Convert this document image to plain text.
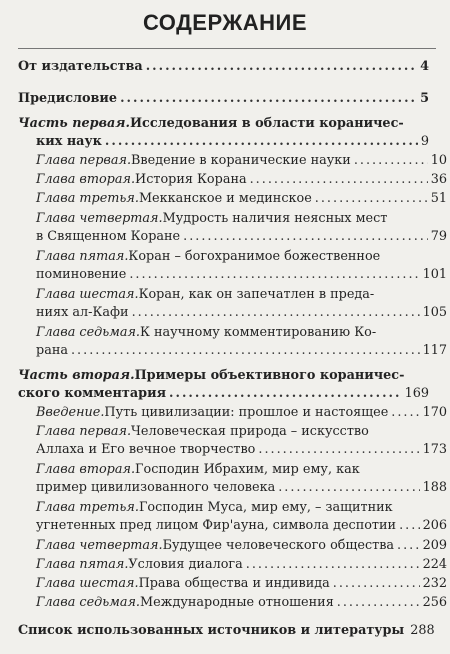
СОДЕРЖАНИЕ
От издательства .....	4
Предисловие .....	5
Часть первая. Исследования в области кораничес-
ких наук .....	9
Глава первая. Введение в коранические науки .....	10
Глава вторая. История Корана .....	36
Глава третья. Мекканское и мединское .....	51
Глава четвертая. Мудрость наличия неясных мест
в Священном Коране .....	79
Глава пятая. Коран – богохранимое божественное
поминовение .....	101
Глава шестая. Коран, как он запечатлен в преда-
ниях ал-Кафи .....	105
Глава седьмая. К научному комментированию Ко-
рана .....	117
Часть вторая. Примеры объективного кораничес-
ского комментария .....	169
Введение. Путь цивилизации: прошлое и настоящее .....	170
Глава первая. Человеческая природа – искусство
Аллаха и Его вечное творчество .....	173
Глава вторая. Господин Ибрахим, мир ему, как
пример цивилизованного человека .....	188
Глава третья. Господин Муса, мир ему, – защитник
угнетенных пред лицом Фир'ауна, символа деспотии ..... 206
Глава четвертая. Будущее человеческого общества ..... 209
Глава пятая. Условия диалога .....	224
Глава шестая. Права общества и индивида .....	232
Глава седьмая. Международные отношения .....	256
Список использованных источников и литературы 288
